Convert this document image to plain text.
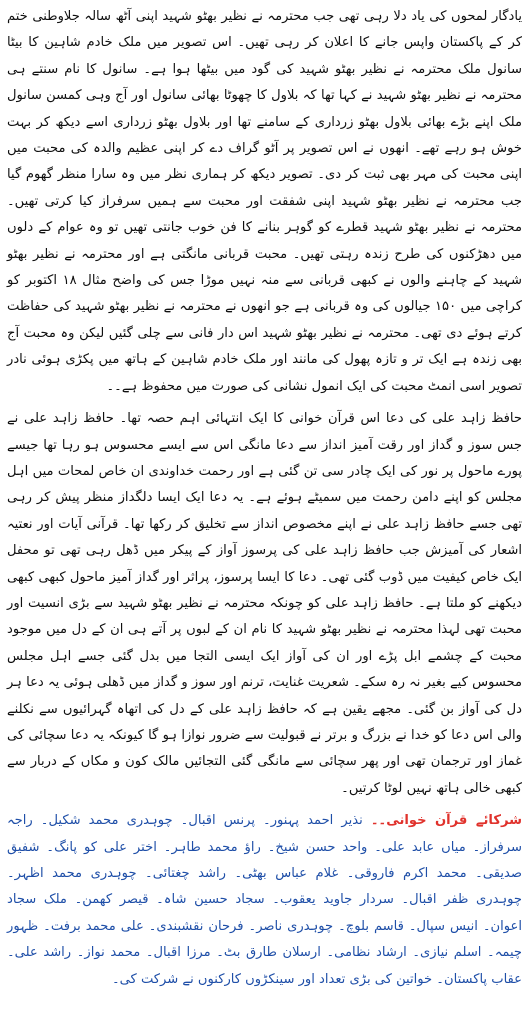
یادگار لمحوں کی یاد دلا رہی تھی جب محترمہ نے نظیر بھٹو شہید اپنی آٹھ سالہ جلاوطنی ختم کر کے پاکستان واپس جانے کا اعلان کر رہی تھیں۔ اس تصویر میں ملک خادم شاہین کا بیٹا سانول ملک محترمہ نے نظیر بھٹو شہید کی گود میں بیٹھا ہوا ہے۔ سانول کا نام سنتے ہی محترمہ نے نظیر بھٹو شہید نے کہا تھا کہ بلاول کا چھوٹا بھائی سانول اور آج وہی کمسن سانول ملک اپنے بڑے بھائی بلاول بھٹو زرداری کے سامنے تھا اور بلاول بھٹو زرداری اسے دیکھ کر بہت خوش ہو رہے تھے۔ انھوں نے اس تصویر پر آٹو گراف دے کر اپنی عظیم والدہ کی محبت میں اپنی محبت کی مہر بھی ثبت کر دی۔ تصویر دیکھ کر ہماری نظر میں وہ سارا منظر گھوم گیا جب محترمہ نے نظیر بھٹو شہید اپنی شفقت اور محبت سے ہمیں سرفراز کیا کرتی تھیں۔ محترمہ نے نظیر بھٹو شہید قطرے کو گوہر بنانے کا فن خوب جانتی تھیں تو وہ عوام کے دلوں میں دھڑکنوں کی طرح زندہ رہتی تھیں۔ محبت قربانی مانگتی ہے اور محترمہ نے نظیر بھٹو شہید کے چاہنے والوں نے کبھی قربانی سے منہ نہیں موڑا جس کی واضح مثال ۱۸ اکتوبر کو کراچی میں ۱۵۰ جیالوں کی وہ قربانی ہے جو انھوں نے محترمہ نے نظیر بھٹو شہید کی حفاظت کرتے ہوئے دی تھی۔ محترمہ نے نظیر بھٹو شہید اس دار فانی سے چلی گئیں لیکن وہ محبت آج بھی زندہ ہے ایک تر و تازہ پھول کی مانند اور ملک خادم شاہین کے ہاتھ میں پکڑی ہوئی نادر تصویر اسی انمٹ محبت کی ایک انمول نشانی کی صورت میں محفوظ ہے۔۔

حافظ زاہد علی کی دعا اس قرآن خوانی کا ایک انتہائی اہم حصہ تھا۔ حافظ زاہد علی نے جس سوز و گداز اور رقت آمیز انداز سے دعا مانگی اس سے ایسے محسوس ہو رہا تھا جیسے پورے ماحول پر نور کی ایک چادر سی تن گئی ہے اور رحمت خداوندی ان خاص لمحات میں اہل مجلس کو اپنے دامن رحمت میں سمیٹے ہوئے ہے۔ یہ دعا ایک ایسا دلگداز منظر پیش کر رہی تھی جسے حافظ زاہد علی نے اپنے مخصوص انداز سے تخلیق کر رکھا تھا۔ قرآنی آیات اور نعتیہ اشعار کی آمیزش جب حافظ زاہد علی کی پرسوز آواز کے پیکر میں ڈھل رہی تھی تو محفل ایک خاص کیفیت میں ڈوب گئی تھی۔ دعا کا ایسا پرسوز، پراثر اور گداز آمیز ماحول کبھی کبھی دیکھنے کو ملتا ہے۔ حافظ زاہد علی کو چونکہ محترمہ نے نظیر بھٹو شہید سے بڑی انسیت اور محبت تھی لہذا محترمہ نے نظیر بھٹو شہید کا نام ان کے لبوں پر آتے ہی ان کے دل میں موجود محبت کے چشمے ابل پڑے اور ان کی آواز ایک ایسی التجا میں بدل گئی جسے اہل مجلس محسوس کیے بغیر نہ رہ سکے۔ شعریت غنایت، ترنم اور سوز و گداز میں ڈھلی ہوئی یہ دعا ہر دل کی آواز بن گئی۔ مجھے یقین ہے کہ حافظ زاہد علی کے دل کی اتھاہ گہرائیوں سے نکلنے والی اس دعا کو خدا نے بزرگ و برتر نے قبولیت سے ضرور نوازا ہو گا کیونکہ یہ دعا سچائی کی غماز اور ترجمان تھی اور پھر سچائی سے مانگی گئی التجائیں مالک کون و مکاں کے دربار سے کبھی خالی ہاتھ نہیں لوٹا کرتیں۔

شرکائے قرآن خوانی۔۔ نذیر احمد پہنور۔ پرنس اقبال۔ چوہدری محمد شکیل۔ راجہ سرفراز۔ میاں عابد علی۔ واحد حسن شیخ۔ راؤ محمد طاہر۔ اختر علی کو پانگ۔ شفیق صدیقی۔ محمد اکرم فاروقی۔ غلام عباس بھٹی۔ راشد چغتائی۔ چوہدری محمد اظہر۔ چوہدری ظفر اقبال۔ سردار جاوید یعقوب۔ سجاد حسین شاہ۔ قیصر کھمن۔ ملک سجاد اعوان۔ انیس سپال۔ قاسم بلوچ۔ چوہدری ناصر۔ فرحان نقشبندی۔ علی محمد برفت۔ ظہور چیمہ۔ اسلم نیازی۔ ارشاد نظامی۔ ارسلان طارق بٹ۔ مرزا اقبال۔ محمد نواز۔ راشد علی۔ عقاب پاکستان۔ خواتین کی بڑی تعداد اور سینکڑوں کارکنوں نے شرکت کی۔
